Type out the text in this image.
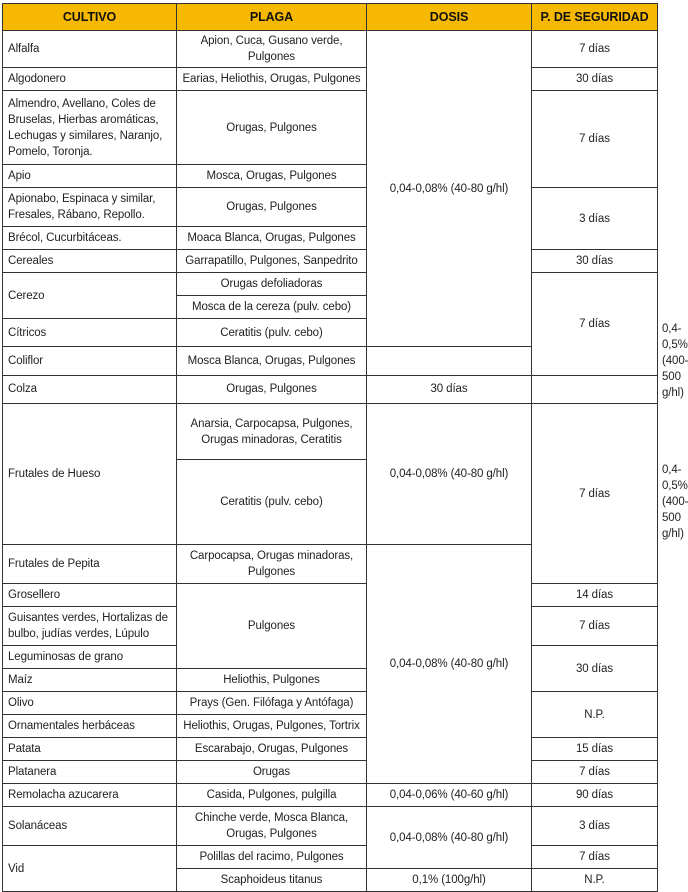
CULTIVO	PLAGA	DOSIS	P. DE SEGURIDAD	
Alfalfa	Apion, Cuca, Gusano verde, Pulgones	0,04-0,08% (40-80 g/hl)	7 días	
Algodonero	Earias, Heliothis, Orugas, Pulgones		30 días	
Almendro, Avellano, Coles de Bruselas, Hierbas aromáticas, Lechugas y similares, Naranjo, Pomelo, Toronja.	Orugas, Pulgones		7 días	
Apio	Mosca, Orugas, Pulgones			
Apionabo, Espinaca y similar, Fresales, Rábano, Repollo.	Orugas, Pulgones		3 días	
Brécol, Cucurbitáceas.	Moaca Blanca, Orugas, Pulgones			
Cereales	Garrapatillo, Pulgones, Sanpedrito		30 días	
Cerezo	Orugas defoliadoras		7 días	
	Mosca de la cereza (pulv. cebo)			
Cítricos	Ceratitis (pulv. cebo)			0,4-0,5% (400-500 g/hl)
Coliflor	Mosca Blanca, Orugas, Pulgones			
Colza	Orugas, Pulgones	30 días		
Frutales de Hueso	Anarsia, Carpocapsa, Pulgones, Orugas minadoras, Ceratitis	0,04-0,08% (40-80 g/hl)	7 días	
	Ceratitis (pulv. cebo)			0,4-0,5% (400-500 g/hl)
Frutales de Pepita	Carpocapsa, Orugas minadoras, Pulgones	0,04-0,08% (40-80 g/hl)		
Grosellero	Pulgones		14 días	
Guisantes verdes, Hortalizas de bulbo, judías verdes, Lúpulo			7 días	
Leguminosas de grano			30 días	
Maíz	Heliothis, Pulgones			
Olivo	Prays (Gen. Filófaga y Antófaga)		N.P.	
Ornamentales herbáceas	Heliothis, Orugas, Pulgones, Tortrix			
Patata	Escarabajo, Orugas, Pulgones		15 días	
Platanera	Orugas		7 días	
Remolacha azucarera	Casida, Pulgones, pulgilla	0,04-0,06% (40-60 g/hl)	90 días	
Solanáceas	Chinche verde, Mosca Blanca, Orugas, Pulgones	0,04-0,08% (40-80 g/hl)	3 días	
Vid	Polillas del racimo, Pulgones		7 días	
	Scaphoideus titanus	0,1% (100g/hl)	N.P.	
